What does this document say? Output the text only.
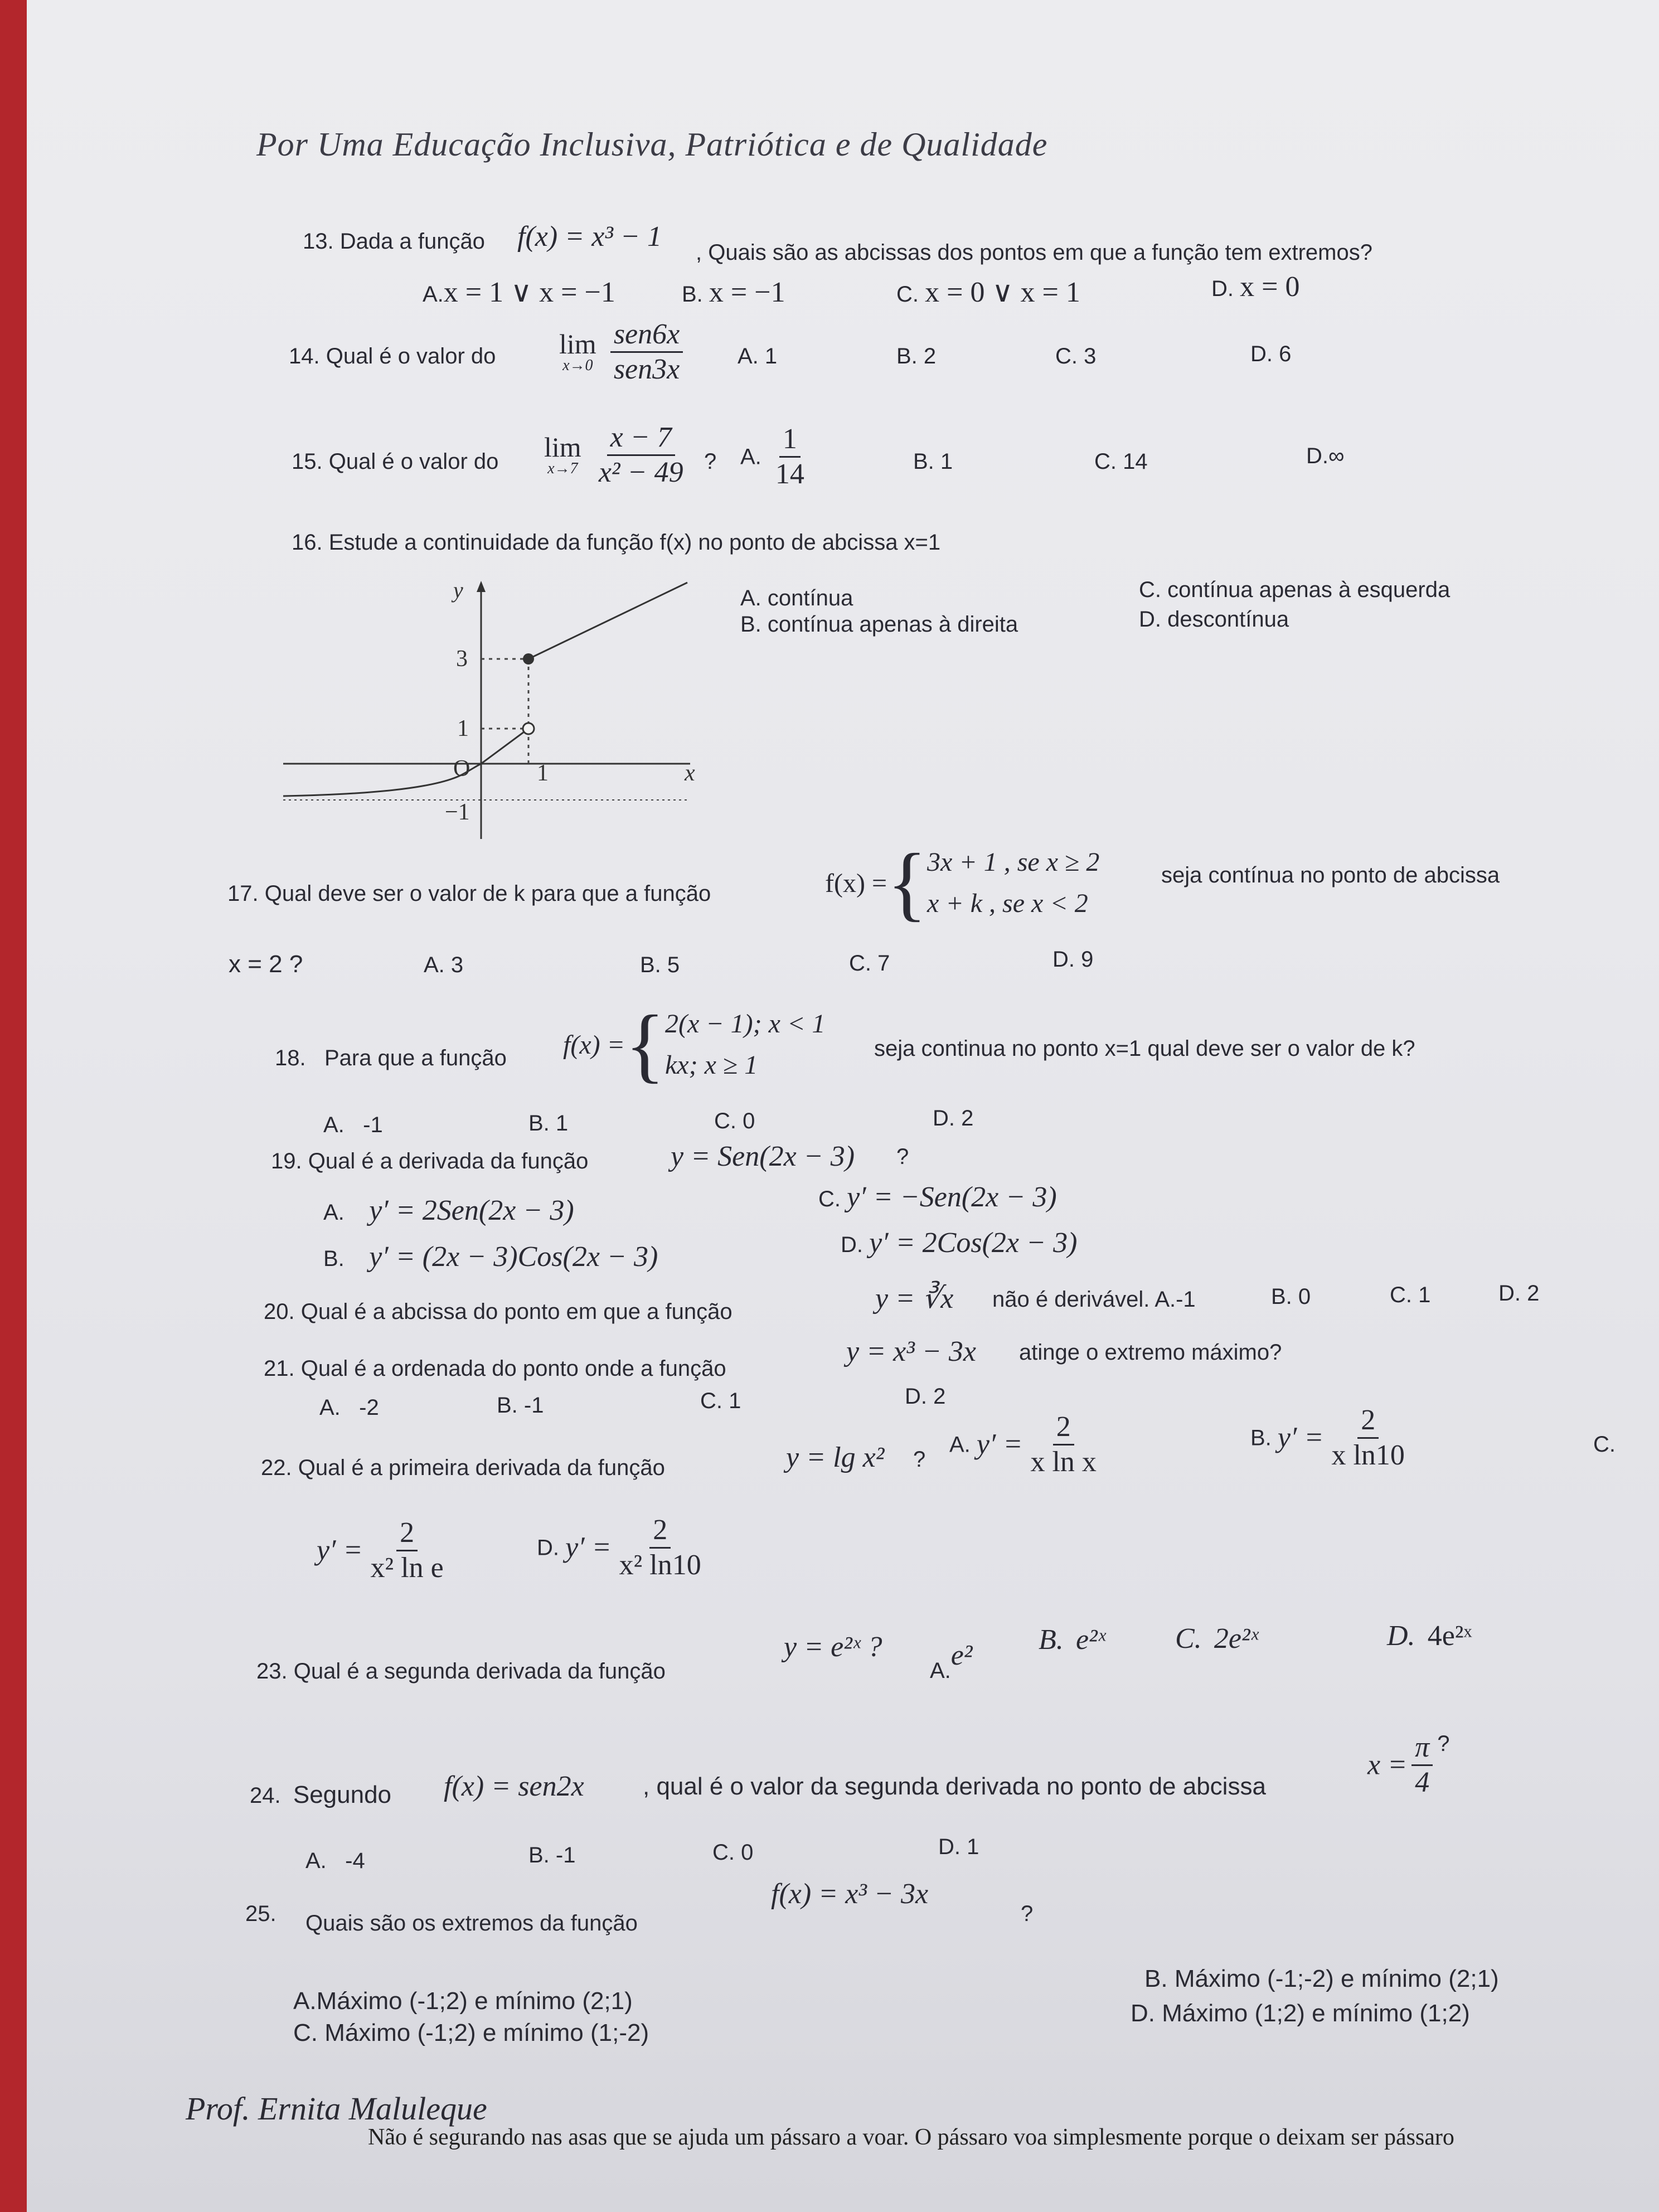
Por Uma Educação Inclusiva, Patriótica e de Qualidade
13. Dada a função f(x) = x³ − 1 , Quais são as abcissas dos pontos em que a função tem extremos?
A.x = 1 ∨ x = −1	B. x = −1	C. x = 0 ∨ x = 1	D. x = 0
14. Qual é o valor do lim
x→0
$\frac{\text{sen6x}}{\text{sen3x}} A$. 1	B. 2	C. 3	D. 6
15. Qual é o valor do lim
x→7
$\frac{x - 7}{\text{x² − 49}}$ ? A. $\frac{1}{14}$	B. 1	C. 14	D.∞
16. Estude a continuidade da função f(x) no ponto de abcissa x=1
y
3
1
O	1	x
−1
A. contínua
B. contínua apenas à direita
C. contínua apenas à esquerda
D. descontínua
17. Qual deve ser o valor de k para que a função	f(x) ={ 3x + 1 , se x ≥ 2
x + k , se x < 2
seja contínua no ponto de abcissa
x = 2 ?	A. 3	B. 5	C. 7	D. 9
18. Para que a função f(x) ={ 2(x − 1); x < 1
kx; x ≥ 1
seja continua no ponto x=1 qual deve ser o valor de k?
A. -1	B. 1	C. 0	D. 2
19. Qual é a derivada da função	y = Sen(2x − 3) ?
A. y′ = 2Sen(2x − 3)
B. y′ = (2x − 3)Cos(2x − 3)
C. y′ = −Sen(2x − 3)
D. y′ = 2Cos(2x − 3)
20. Qual é a abcissa do ponto em que a função	y = ∛x não é derivável. A.-1	B. 0	C. 1	D. 2
21. Qual é a ordenada do ponto onde a função
y = x³ − 3x atinge o extremo máximo?
A. -2	B. -1	C. 1	D. 2
22. Qual é a primeira derivada da função	y = lg x² ?
A. $y' = \frac{2}{\text{x ln x}}$	B. $y' = \frac{2}{\text{x ln10}}$	C.
$y' = \frac{2}{\text{x² ln e}}$	D. $y' = \frac{2}{\text{x² ln10}}$
23. Qual é a segunda derivada da função
y = e²ˣ ?
A.e² B. e²ˣ C. 2e²ˣ	D. 4e²ˣ
24. Segundo f(x) = sen2x , qual é o valor da segunda derivada no ponto de abcissa
$x = \frac{\pi}{4}$ ?
A. -4	B. -1	C. 0	D. 1
25. Quais são os extremos da função
f(x) = x³ − 3x
?
A.Máximo (-1;2) e mínimo (2;1)
C. Máximo (-1;2) e mínimo (1;-2)
B. Máximo (-1;-2) e mínimo (2;1)
D. Máximo (1;2) e mínimo (1;2)
Prof. Ernita Maluleque
Não é segurando nas asas que se ajuda um pássaro a voar. O pássaro voa simplesmente porque o deixam ser pássaro
